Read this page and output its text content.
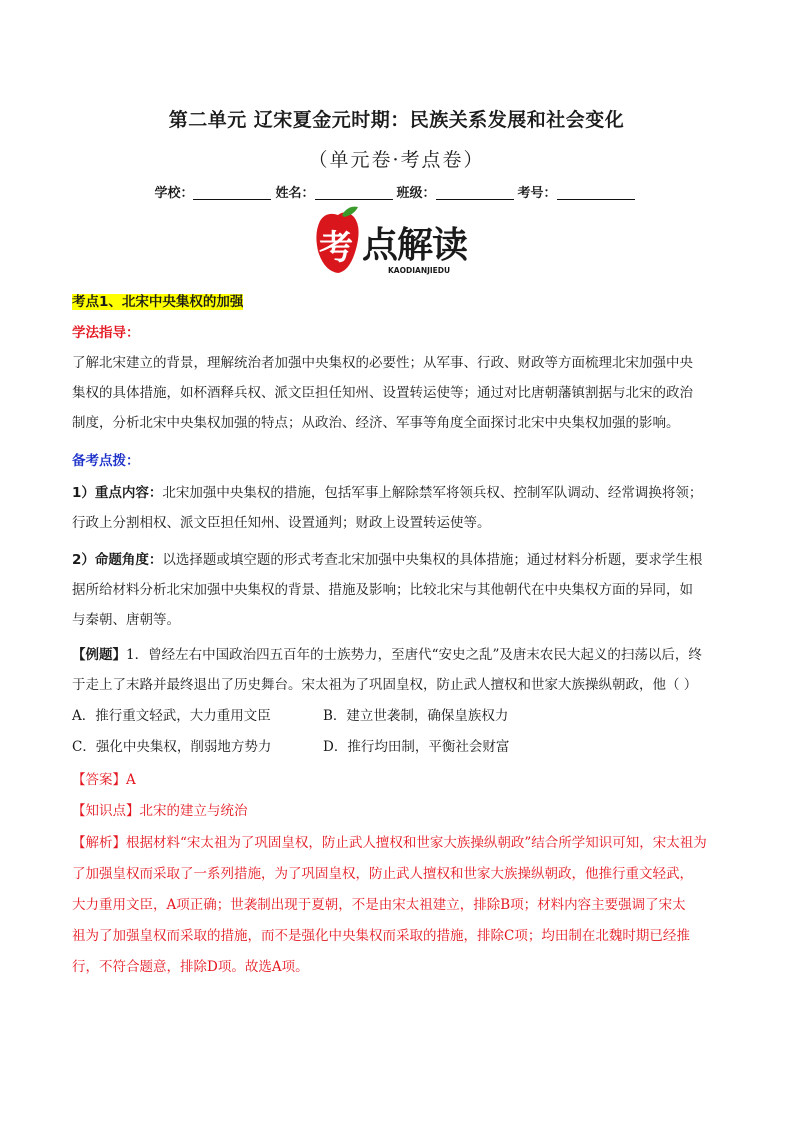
第二单元 辽宋夏金元时期：民族关系发展和社会变化
（单元卷·考点卷）
学校：	姓名：	班级：	考号：
考 点解读
KAODIANJIEDU
考点1、北宋中央集权的加强
学法指导：
了解北宋建立的背景，理解统治者加强中央集权的必要性；从军事、行政、财政等方面梳理北宋加强中央
集权的具体措施，如杯酒释兵权、派文臣担任知州、设置转运使等；通过对比唐朝藩镇割据与北宋的政治
制度，分析北宋中央集权加强的特点；从政治、经济、军事等角度全面探讨北宋中央集权加强的影响。
备考点拨：
1）重点内容：北宋加强中央集权的措施，包括军事上解除禁军将领兵权、控制军队调动、经常调换将领；
行政上分割相权、派文臣担任知州、设置通判；财政上设置转运使等。
2）命题角度：以选择题或填空题的形式考查北宋加强中央集权的具体措施；通过材料分析题，要求学生根
据所给材料分析北宋加强中央集权的背景、措施及影响；比较北宋与其他朝代在中央集权方面的异同，如
与秦朝、唐朝等。
【例题】1．曾经左右中国政治四五百年的士族势力，至唐代“安史之乱”及唐末农民大起义的扫荡以后，终
于走上了末路并最终退出了历史舞台。宋太祖为了巩固皇权，防止武人擅权和世家大族操纵朝政，他（ ）
A．推行重文轻武，大力重用文臣	B．建立世袭制，确保皇族权力
C．强化中央集权，削弱地方势力	D．推行均田制，平衡社会财富
【答案】A
【知识点】北宋的建立与统治
【解析】根据材料“宋太祖为了巩固皇权，防止武人擅权和世家大族操纵朝政”结合所学知识可知，宋太祖为
了加强皇权而采取了一系列措施，为了巩固皇权，防止武人擅权和世家大族操纵朝政，他推行重文轻武，
大力重用文臣，A项正确；世袭制出现于夏朝，不是由宋太祖建立，排除B项；材料内容主要强调了宋太
祖为了加强皇权而采取的措施，而不是强化中央集权而采取的措施，排除C项；均田制在北魏时期已经推
行，不符合题意，排除D项。故选A项。
